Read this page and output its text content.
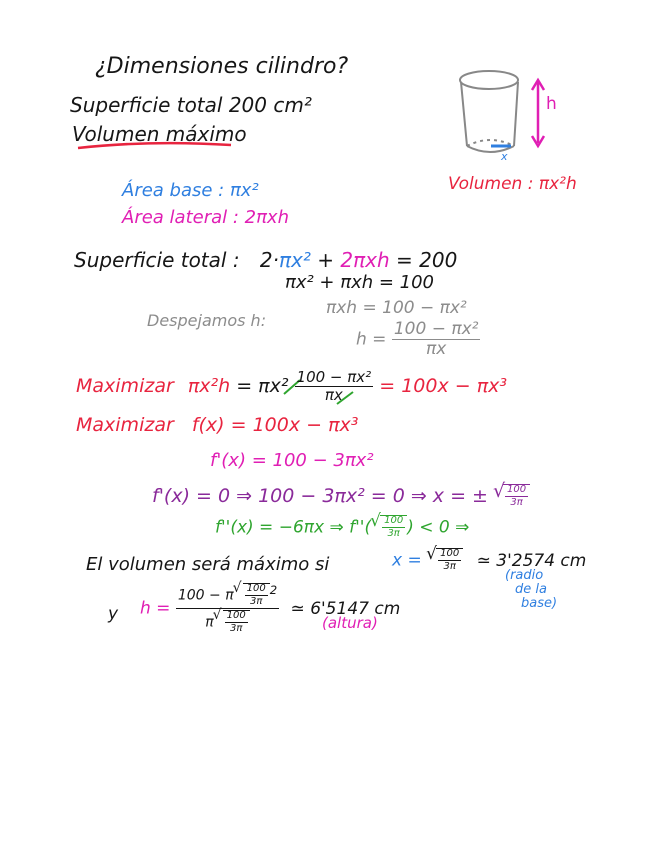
¿Dimensiones cilindro?
Superficie total 200 cm²
Volumen máximo
h
x
Volumen : πx²h
Área base : πx²
Área lateral : 2πxh
Superficie total : 2·πx² + 2πxh = 200
πx² + πxh = 100
Despejamos h:
πxh = 100 − πx²
$h = \frac{\text{100 − πx²}}{\pi x}$
Maximizar $\pi x^2h = \pi x^2 \frac{\text{100 − πx²}}{\pi x} = 100x - \pi x^3$
Maximizar f(x) = 100x − πx³
f'(x) = 100 − 3πx²
f'(x) = 0 ⇒ 100 − 3πx² = 0 ⇒ x = ±
√ $\frac{100}{3\pi}$
f''(x) = −6πx ⇒ f''(
√ $\frac{100}{3\pi}$ ) < 0 ⇒
El volumen será máximo si	x =
√ $\frac{100}{3\pi}$ ≃ 3'2574 cm
(radio
de la
base)
y h = 100 − π
√ $\frac{100}{3\pi} ^2$
π
√ $\frac{100}{3\pi}$ ≃ 6'5147 cm
(altura)
